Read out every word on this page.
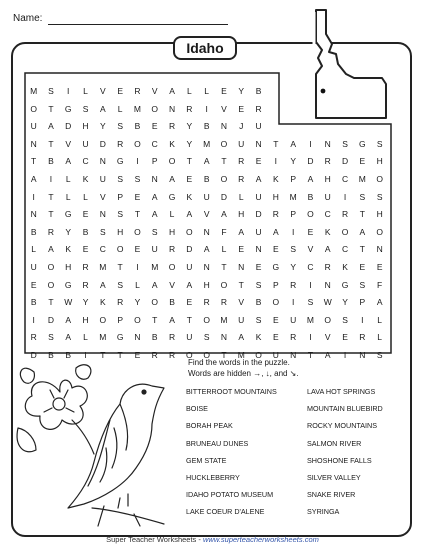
Name:
Idaho
M	S	I	L	V	E	R	V	A	L	L	E	Y	B
O	T	G	S	A	L	M	O	N	R	I	V	E	R
U	A	D	H	Y	S	B	E	R	Y	B	N	J	U
N	T	V	U	D	R	O	C	K	Y	M	O	U	N	T	A	I	N	S	G	S
T	B	A	C	N	G	I	P	O	T	A	T	R	E	I	Y	D	R	D	E	H
A	I	L	K	U	S	S	N	A	E	B	O	R	A	K	P	A	H	C	M	O
I	T	L	L	V	P	E	A	G	K	U	D	L	U	H	M	B	U	I	S	S
N	T	G	E	N	S	T	A	L	A	V	A	H	D	R	P	O	C	R	T	H
B	R	Y	B	S	H	O	S	H	O	N	F	A	U	A	I	E	K	O	A	O
L	A	K	E	C	O	E	U	R	D	A	L	E	N	E	S	V	A	C	T	N
U	O	H	R	M	T	I	M	O	U	N	T	N	E	G	Y	C	R	K	E	E
E	O	G	R	A	S	L	A	V	A	H	O	T	S	P	R	I	N	G	S	F
B	T	W	Y	K	R	Y	O	B	E	R	R	V	B	O	I	S	W	Y	P	A
I	D	A	H	O	P	O	T	A	T	O	M	U	S	E	U	M	O	S	I	L
R	S	A	L	M	G	N	B	R	U	S	N	A	K	E	R	I	V	E	R	L
D	B	B	I	T	T	E	R	R	O	O	T	M	O	U	N	T	A	I	N	S
Find the words in the puzzle.
Words are hidden →, ↓, and ↘.
BITTERROOT MOUNTAINS
BOISE
BORAH PEAK
BRUNEAU DUNES
GEM STATE
HUCKLEBERRY
IDAHO POTATO MUSEUM
LAKE COEUR D'ALENE
LAVA HOT SPRINGS
MOUNTAIN BLUEBIRD
ROCKY MOUNTAINS
SALMON RIVER
SHOSHONE FALLS
SILVER VALLEY
SNAKE RIVER
SYRINGA
Super Teacher Worksheets - www.superteacherworksheets.com
